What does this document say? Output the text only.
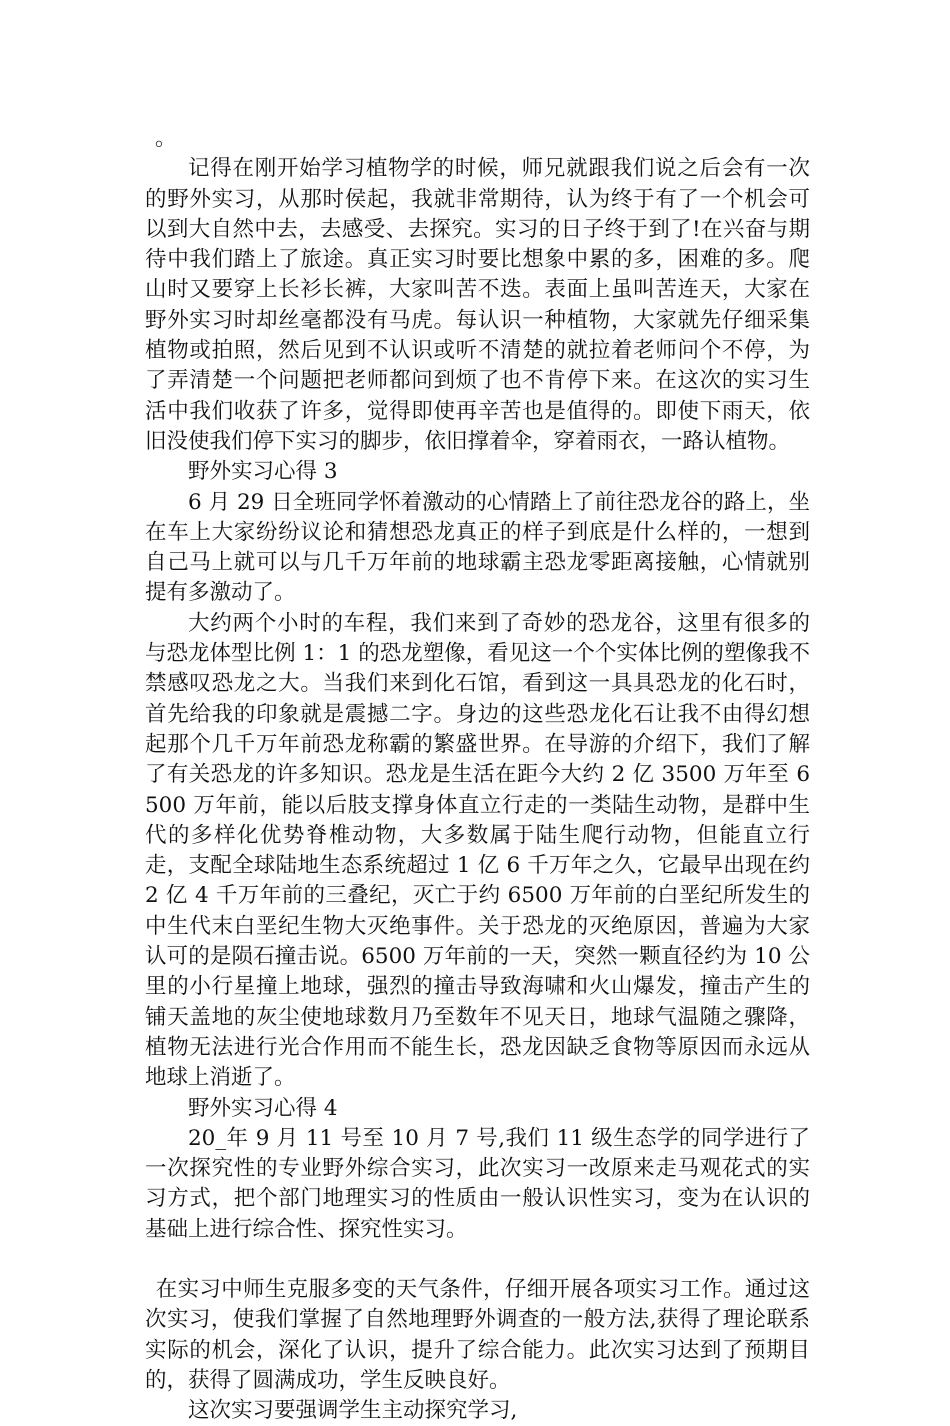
。

记得在刚开始学习植物学的时候，师兄就跟我们说之后会有一次的野外实习，从那时侯起，我就非常期待，认为终于有了一个机会可以到大自然中去，去感受、去探究。实习的日子终于到了!在兴奋与期待中我们踏上了旅途。真正实习时要比想象中累的多，困难的多。爬山时又要穿上长衫长裤，大家叫苦不迭。表面上虽叫苦连天，大家在野外实习时却丝毫都没有马虎。每认识一种植物，大家就先仔细采集植物或拍照，然后见到不认识或听不清楚的就拉着老师问个不停，为了弄清楚一个问题把老师都问到烦了也不肯停下来。在这次的实习生活中我们收获了许多，觉得即使再辛苦也是值得的。即使下雨天，依旧没使我们停下实习的脚步，依旧撑着伞，穿着雨衣，一路认植物。

野外实习心得 3

6 月 29 日全班同学怀着激动的心情踏上了前往恐龙谷的路上，坐在车上大家纷纷议论和猜想恐龙真正的样子到底是什么样的，一想到自己马上就可以与几千万年前的地球霸主恐龙零距离接触，心情就别提有多激动了。

大约两个小时的车程，我们来到了奇妙的恐龙谷，这里有很多的与恐龙体型比例 1：1 的恐龙塑像，看见这一个个实体比例的塑像我不禁感叹恐龙之大。当我们来到化石馆，看到这一具具恐龙的化石时，首先给我的印象就是震撼二字。身边的这些恐龙化石让我不由得幻想起那个几千万年前恐龙称霸的繁盛世界。在导游的介绍下，我们了解了有关恐龙的许多知识。恐龙是生活在距今大约 2 亿 3500 万年至 6500 万年前，能以后肢支撑身体直立行走的一类陆生动物，是群中生代的多样化优势脊椎动物，大多数属于陆生爬行动物，但能直立行走，支配全球陆地生态系统超过 1 亿 6 千万年之久，它最早出现在约 2 亿 4 千万年前的三叠纪，灭亡于约 6500 万年前的白垩纪所发生的中生代末白垩纪生物大灭绝事件。关于恐龙的灭绝原因，普遍为大家认可的是陨石撞击说。6500 万年前的一天，突然一颗直径约为 10 公里的小行星撞上地球，强烈的撞击导致海啸和火山爆发，撞击产生的铺天盖地的灰尘使地球数月乃至数年不见天日，地球气温随之骤降，植物无法进行光合作用而不能生长，恐龙因缺乏食物等原因而永远从地球上消逝了。

野外实习心得 4

20_年 9 月 11 号至 10 月 7 号,我们 11 级生态学的同学进行了一次探究性的专业野外综合实习，此次实习一改原来走马观花式的实习方式，把个部门地理实习的性质由一般认识性实习，变为在认识的基础上进行综合性、探究性实习。

在实习中师生克服多变的天气条件，仔细开展各项实习工作。通过这次实习，使我们掌握了自然地理野外调查的一般方法,获得了理论联系实际的机会，深化了认识，提升了综合能力。此次实习达到了预期目的，获得了圆满成功，学生反映良好。

这次实习要强调学生主动探究学习,
